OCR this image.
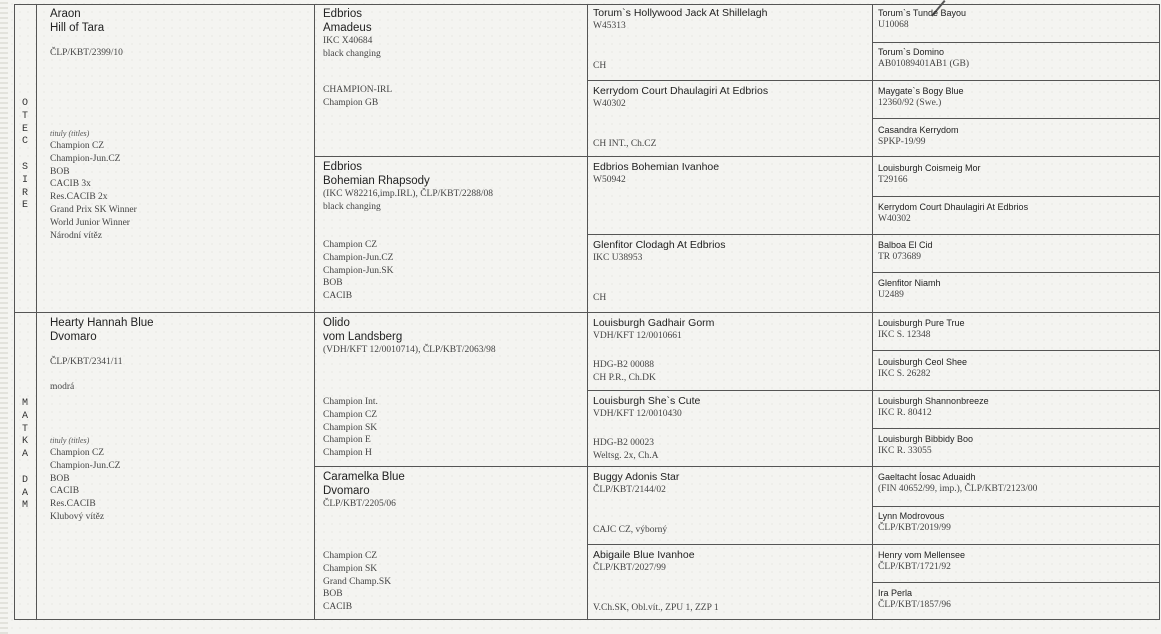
O
T
E
C
S
I
R
E
M
A
T
K
A
D
A
M
Araon
Hill of Tara
ČLP/KBT/2399/10
tituly (titles)
Champion CZ
Champion-Jun.CZ
BOB
CACIB 3x
Res.CACIB 2x
Grand Prix SK Winner
World Junior Winner
Národní vítěz
Hearty Hannah Blue
Dvomaro
ČLP/KBT/2341/11
modrá
tituly (titles)
Champion CZ
Champion-Jun.CZ
BOB
CACIB
Res.CACIB
Klubový vítěz
Edbrios
Amadeus
IKC X40684
black changing
CHAMPION-IRL
Champion GB
Edbrios
Bohemian Rhapsody
(IKC W82216,imp.IRL), ČLP/KBT/2288/08
black changing
Champion CZ
Champion-Jun.CZ
Champion-Jun.SK
BOB
CACIB
Olido
vom Landsberg
(VDH/KFT 12/0010714), ČLP/KBT/2063/98
Champion Int.
Champion CZ
Champion SK
Champion E
Champion H
Caramelka Blue
Dvomaro
ČLP/KBT/2205/06
Champion CZ
Champion SK
Grand Champ.SK
BOB
CACIB
Torum`s Hollywood Jack At Shillelagh
W45313
CH
Kerrydom Court Dhaulagiri At Edbrios
W40302
CH INT., Ch.CZ
Edbrios Bohemian Ivanhoe
W50942
Glenfitor Clodagh At Edbrios
IKC U38953
CH
Louisburgh Gadhair Gorm
VDH/KFT 12/0010661
HDG-B2 00088
CH P.R., Ch.DK
Louisburgh She`s Cute
VDH/KFT 12/0010430
HDG-B2 00023
Weltsg. 2x, Ch.A
Buggy Adonis Star
ČLP/KBT/2144/02
CAJC CZ, výborný
Abigaile Blue Ivanhoe
ČLP/KBT/2027/99
V.Ch.SK, Obl.vít., ZPU 1, ZZP 1
Torum`s Tunde Bayou
U10068
Torum`s Domino
AB01089401AB1 (GB)
Maygate`s Bogy Blue
12360/92 (Swe.)
Casandra Kerrydom
SPKP-19/99
Louisburgh Coismeig Mor
T29166
Kerrydom Court Dhaulagiri At Edbrios
W40302
Balboa El Cid
TR 073689
Glenfitor Niamh
U2489
Louisburgh Pure True
IKC S. 12348
Louisburgh Ceol Shee
IKC S. 26282
Louisburgh Shannonbreeze
IKC R. 80412
Louisburgh Bibbidy Boo
IKC R. 33055
Gaeltacht Íosac Aduaidh
(FIN 40652/99, imp.), ČLP/KBT/2123/00
Lynn Modrovous
ČLP/KBT/2019/99
Henry vom Mellensee
ČLP/KBT/1721/92
Ira Perla
ČLP/KBT/1857/96
